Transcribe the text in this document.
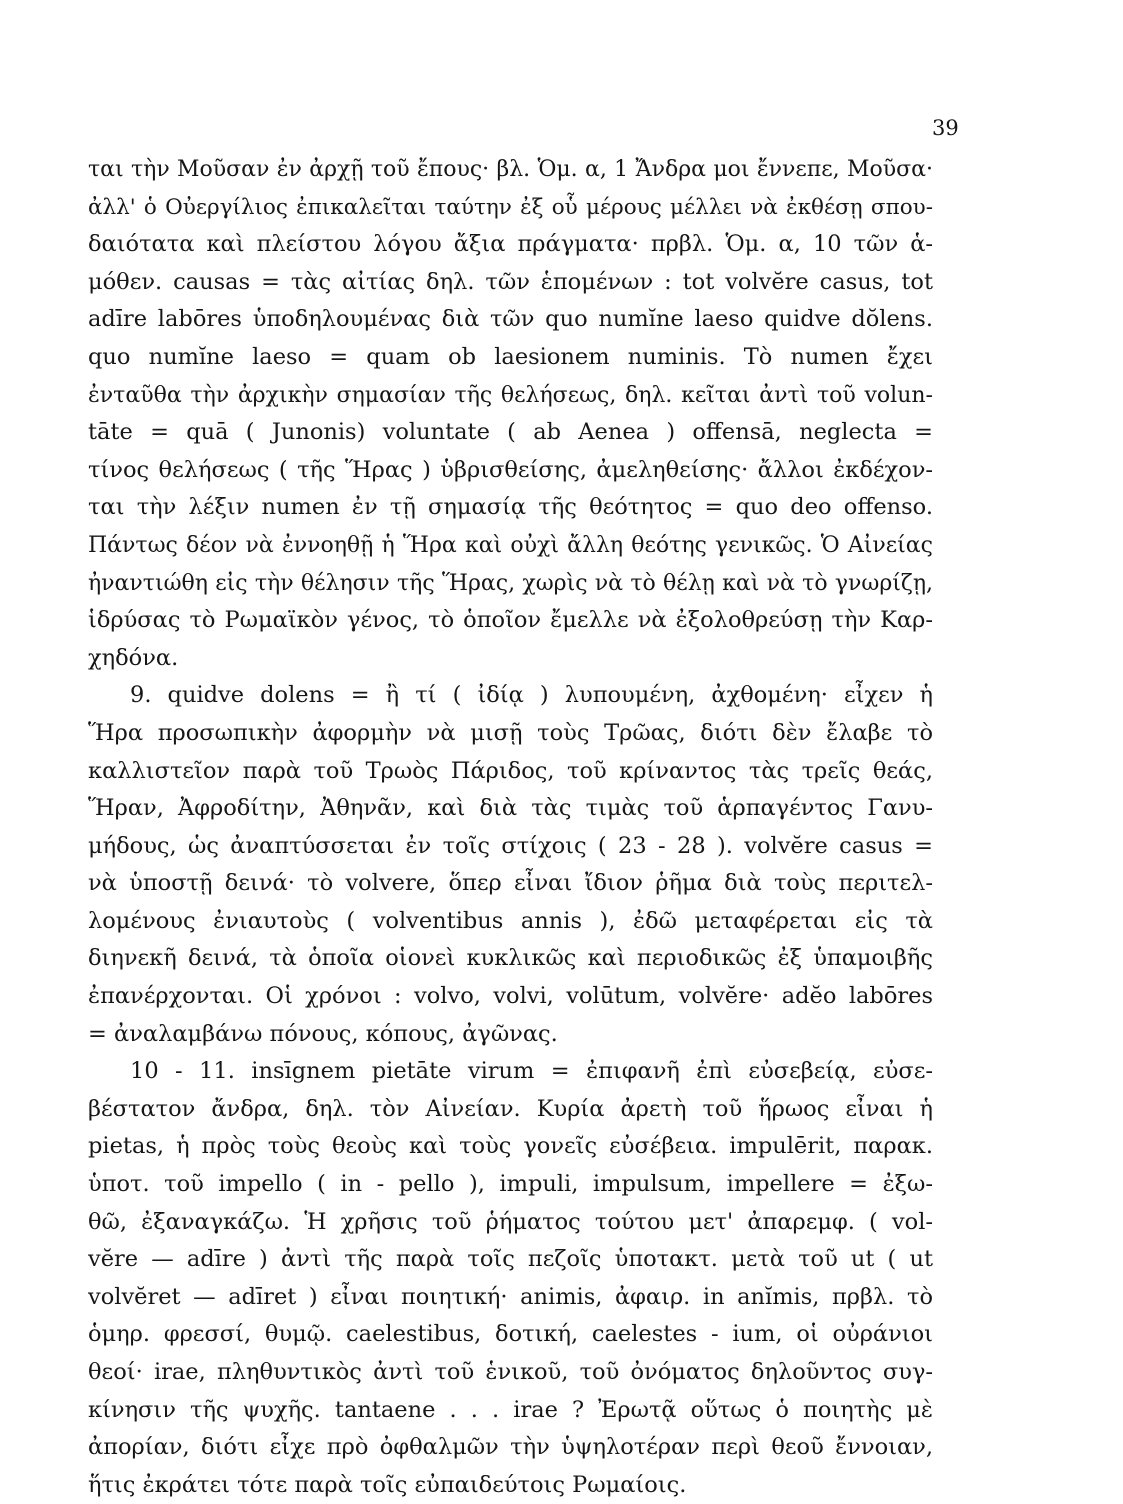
39
ται τὴν Μοῦσαν ἐν ἀρχῇ τοῦ ἔπους· βλ. Ὁμ. α, 1 Ἄνδρα μοι ἔννεπε, Μοῦσα·
ἀλλ' ὁ Οὐεργίλιος ἐπικαλεῖται ταύτην ἐξ οὗ μέρους μέλλει νὰ ἐκθέσῃ σπου-
δαιότατα καὶ πλείστου λόγου ἄξια πράγματα· πρβλ. Ὁμ. α, 10 τῶν ἁ-
μόθεν. causas = τὰς αἰτίας δηλ. τῶν ἑπομένων : tot volvĕre casus, tot
adīre labōres ὑποδηλουμένας διὰ τῶν quo numĭne laeso quidve dŏlens.
quo numĭne laeso = quam ob laesionem numinis. Τὸ numen ἔχει
ἐνταῦθα τὴν ἀρχικὴν σημασίαν τῆς θελήσεως, δηλ. κεῖται ἀντὶ τοῦ volun-
tāte = quā ( Junonis) voluntate ( ab Aenea ) offensā, neglecta =
τίνος θελήσεως ( τῆς Ἥρας ) ὑβρισθείσης, ἀμεληθείσης· ἄλλοι ἐκδέχον-
ται τὴν λέξιν numen ἐν τῇ σημασίᾳ τῆς θεότητος = quo deo offenso.
Πάντως δέον νὰ ἐννοηθῇ ἡ Ἥρα καὶ οὐχὶ ἄλλη θεότης γενικῶς. Ὁ Αἰνείας
ἠναντιώθη εἰς τὴν θέλησιν τῆς Ἥρας, χωρὶς νὰ τὸ θέλῃ καὶ νὰ τὸ γνωρίζῃ,
ἱδρύσας τὸ Ρωμαϊκὸν γένος, τὸ ὁποῖον ἔμελλε νὰ ἐξολοθρεύσῃ τὴν Καρ-
χηδόνα.
9. quidve dolens = ἢ τί ( ἰδίᾳ ) λυπουμένη, ἀχθομένη· εἶχεν ἡ
Ἥρα προσωπικὴν ἀφορμὴν νὰ μισῇ τοὺς Τρῶας, διότι δὲν ἔλαβε τὸ
καλλιστεῖον παρὰ τοῦ Τρωὸς Πάριδος, τοῦ κρίναντος τὰς τρεῖς θεάς,
Ἥραν, Ἀφροδίτην, Ἀθηνᾶν, καὶ διὰ τὰς τιμὰς τοῦ ἁρπαγέντος Γανυ-
μήδους, ὡς ἀναπτύσσεται ἐν τοῖς στίχοις ( 23 - 28 ). volvĕre casus =
νὰ ὑποστῇ δεινά· τὸ volvere, ὅπερ εἶναι ἴδιον ῥῆμα διὰ τοὺς περιτελ-
λομένους ἐνιαυτοὺς ( volventibus annis ), ἐδῶ μεταφέρεται εἰς τὰ
διηνεκῆ δεινά, τὰ ὁποῖα οἱονεὶ κυκλικῶς καὶ περιοδικῶς ἐξ ὑπαμοιβῆς
ἐπανέρχονται. Οἱ χρόνοι : volvo, volvi, volūtum, volvĕre· adĕo labōres
= ἀναλαμβάνω πόνους, κόπους, ἀγῶνας.
10 - 11. insīgnem pietāte virum = ἐπιφανῆ ἐπὶ εὐσεβείᾳ, εὐσε-
βέστατον ἄνδρα, δηλ. τὸν Αἰνείαν. Κυρία ἀρετὴ τοῦ ἥρωος εἶναι ἡ
pietas, ἡ πρὸς τοὺς θεοὺς καὶ τοὺς γονεῖς εὐσέβεια. impulērit, παρακ.
ὑποτ. τοῦ impello ( in - pello ), impuli, impulsum, impellere = ἐξω-
θῶ, ἐξαναγκάζω. Ἡ χρῆσις τοῦ ῥήματος τούτου μετ' ἀπαρεμφ. ( vol-
vĕre — adīre ) ἀντὶ τῆς παρὰ τοῖς πεζοῖς ὑποτακτ. μετὰ τοῦ ut ( ut
volvĕret — adīret ) εἶναι ποιητική· animis, ἀφαιρ. in anĭmis, πρβλ. τὸ
ὁμηρ. φρεσσί, θυμῷ. caelestibus, δοτική, caelestes - ium, οἱ οὐράνιοι
θεοί· irae, πληθυντικὸς ἀντὶ τοῦ ἑνικοῦ, τοῦ ὀνόματος δηλοῦντος συγ-
κίνησιν τῆς ψυχῆς. tantaene . . . irae ? Ἐρωτᾷ οὕτως ὁ ποιητὴς μὲ
ἀπορίαν, διότι εἶχε πρὸ ὀφθαλμῶν τὴν ὑψηλοτέραν περὶ θεοῦ ἔννοιαν,
ἥτις ἐκράτει τότε παρὰ τοῖς εὐπαιδεύτοις Ρωμαίοις.
